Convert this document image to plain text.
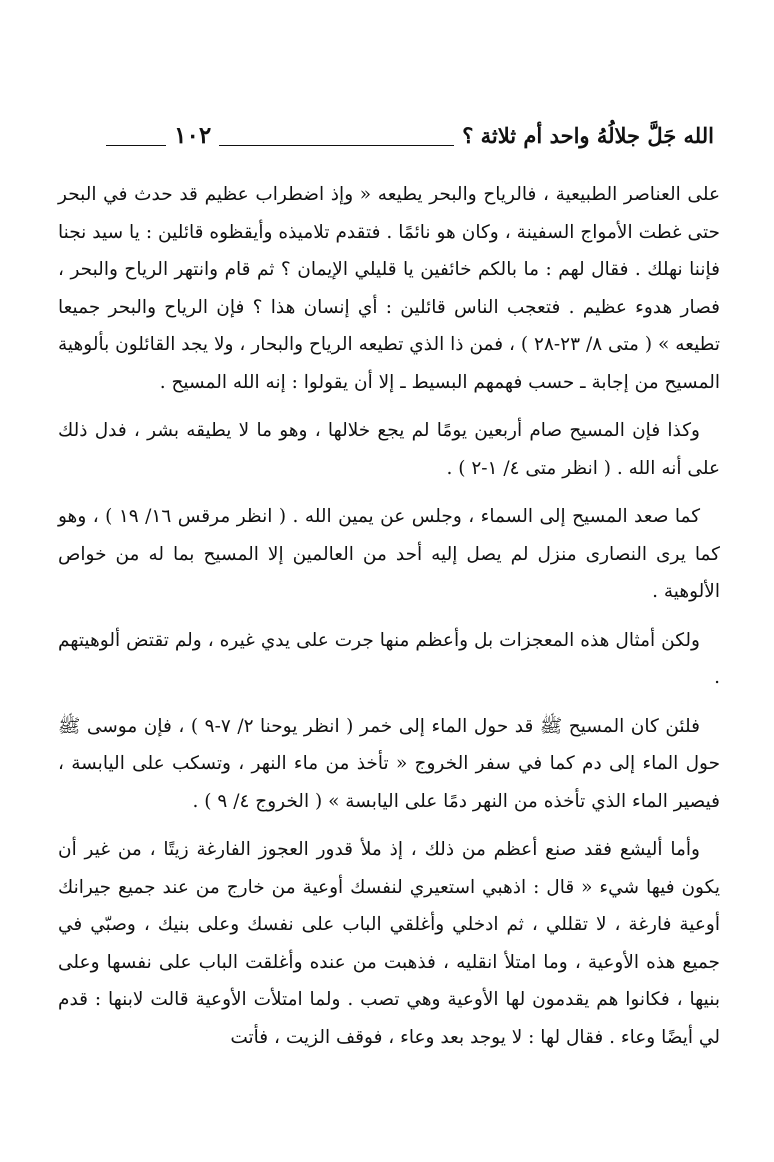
الله جَلَّ جلالُهُ واحد أم ثلاثة ؟
١٠٢

على العناصر الطبيعية ، فالرياح والبحر يطيعه « وإذ اضطراب عظيم قد حدث في البحر حتى غطت الأمواج السفينة ، وكان هو نائمًا . فتقدم تلاميذه وأيقظوه قائلين : يا سيد نجنا فإننا نهلك . فقال لهم : ما بالكم خائفين يا قليلي الإيمان ؟ ثم قام وانتهر الرياح والبحر ، فصار هدوء عظيم . فتعجب الناس قائلين : أي إنسان هذا ؟ فإن الرياح والبحر جميعا تطيعه » ( متى ٨/ ٢٣-٢٨ ) ، فمن ذا الذي تطيعه الرياح والبحار ، ولا يجد القائلون بألوهية المسيح من إجابة ـ حسب فهمهم البسيط ـ إلا أن يقولوا : إنه الله المسيح .

وكذا فإن المسيح صام أربعين يومًا لم يجع خلالها ، وهو ما لا يطيقه بشر ، فدل ذلك على أنه الله . ( انظر متى ٤/ ١-٢ ) .

كما صعد المسيح إلى السماء ، وجلس عن يمين الله . ( انظر مرقس ١٦/ ١٩ ) ، وهو كما يرى النصارى منزل لم يصل إليه أحد من العالمين إلا المسيح بما له من خواص الألوهية .

ولكن أمثال هذه المعجزات بل وأعظم منها جرت على يدي غيره ، ولم تقتض ألوهيتهم .

فلئن كان المسيح ﷺ قد حول الماء إلى خمر ( انظر يوحنا ٢/ ٧-٩ ) ، فإن موسى ﷺ حول الماء إلى دم كما في سفر الخروج « تأخذ من ماء النهر ، وتسكب على اليابسة ، فيصير الماء الذي تأخذه من النهر دمًا على اليابسة » ( الخروج ٤/ ٩ ) .

وأما أليشع فقد صنع أعظم من ذلك ، إذ ملأ قدور العجوز الفارغة زيتًا ، من غير أن يكون فيها شيء « قال : اذهبي استعيري لنفسك أوعية من خارج من عند جميع جيرانك أوعية فارغة ، لا تقللي ، ثم ادخلي وأغلقي الباب على نفسك وعلى بنيك ، وصبّي في جميع هذه الأوعية ، وما امتلأ انقليه ، فذهبت من عنده وأغلقت الباب على نفسها وعلى بنيها ، فكانوا هم يقدمون لها الأوعية وهي تصب . ولما امتلأت الأوعية قالت لابنها : قدم لي أيضًا وعاء . فقال لها : لا يوجد بعد وعاء ، فوقف الزيت ، فأتت
